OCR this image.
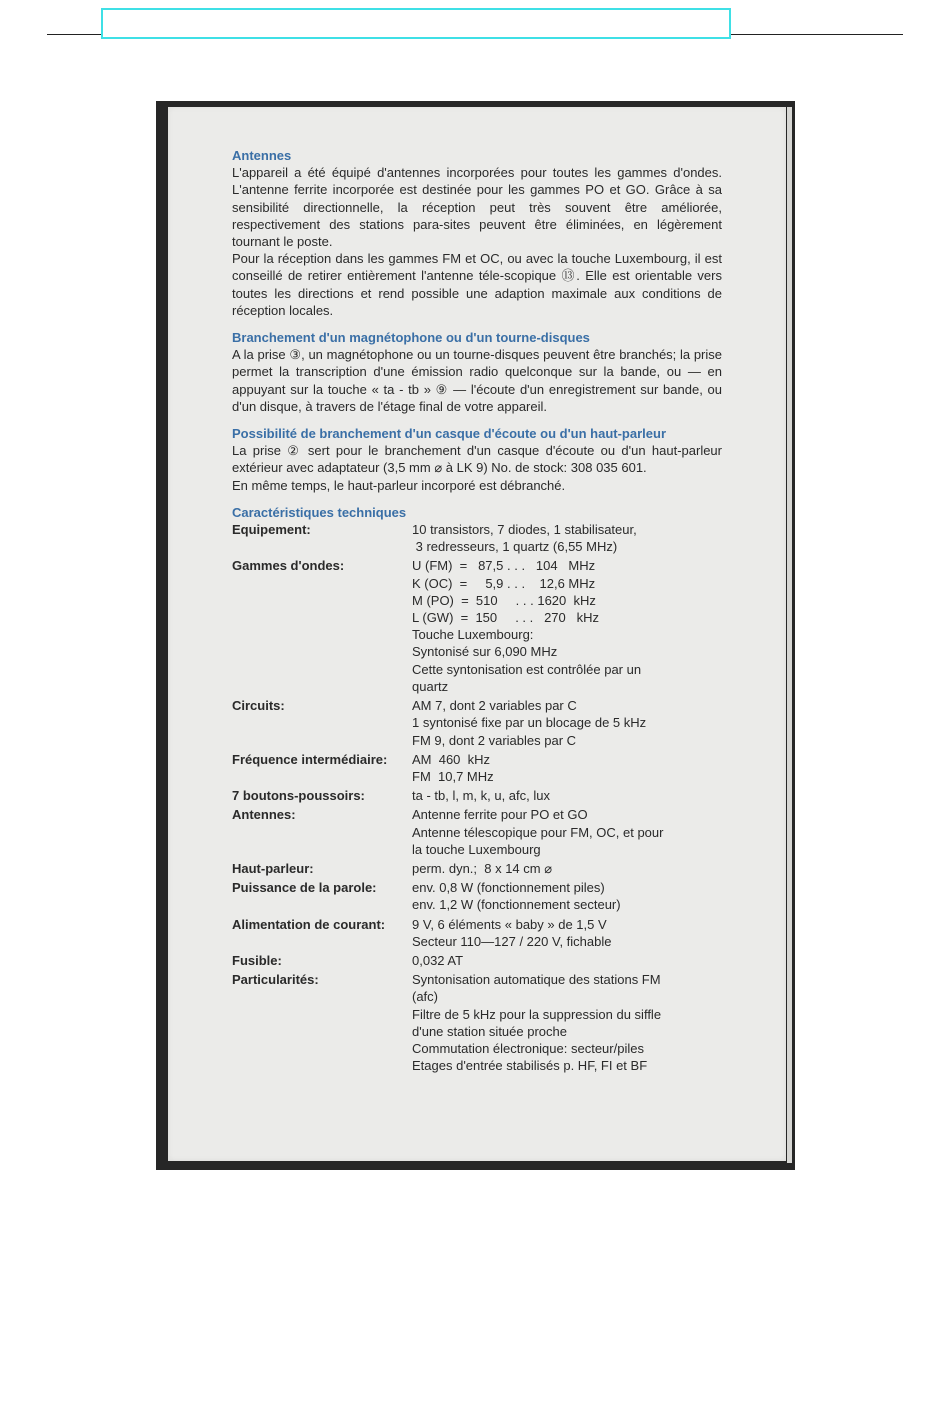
Antennes

L'appareil a été équipé d'antennes incorporées pour toutes les gammes d'ondes. L'antenne ferrite incorporée est destinée pour les gammes PO et GO. Grâce à sa sensibilité directionnelle, la réception peut très souvent être améliorée, respectivement des stations para-sites peuvent être éliminées, en légèrement tournant le poste.

Pour la réception dans les gammes FM et OC, ou avec la touche Luxembourg, il est conseillé de retirer entièrement l'antenne téle-scopique ⑬. Elle est orientable vers toutes les directions et rend possible une adaption maximale aux conditions de réception locales.

Branchement d'un magnétophone ou d'un tourne-disques

A la prise ③, un magnétophone ou un tourne-disques peuvent être branchés; la prise permet la transcription d'une émission radio quelconque sur la bande, ou — en appuyant sur la touche « ta - tb » ⑨ — l'écoute d'un enregistrement sur bande, ou d'un disque, à travers de l'étage final de votre appareil.

Possibilité de branchement d'un casque d'écoute ou d'un haut-parleur

La prise ② sert pour le branchement d'un casque d'écoute ou d'un haut-parleur extérieur avec adaptateur (3,5 mm ⌀ à LK 9) No. de stock: 308 035 601.

En même temps, le haut-parleur incorporé est débranché.

Caractéristiques techniques
Equipement:	10 transistors, 7 diodes, 1 stabilisateur,
3 redresseurs, 1 quartz (6,55 MHz)
Gammes d'ondes:	U (FM)  =   87,5 . . .   104   MHz
K (OC)  =     5,9 . . .    12,6 MHz
M (PO)  =  510     . . . 1620  kHz
L (GW)  =  150     . . .   270   kHz
Touche Luxembourg:
Syntonisé sur 6,090 MHz
Cette syntonisation est contrôlée par un
quartz
Circuits:	AM 7, dont 2 variables par C
1 syntonisé fixe par un blocage de 5 kHz
FM 9, dont 2 variables par C
Fréquence intermédiaire:	AM  460  kHz
FM  10,7 MHz
7 boutons-poussoirs:	ta - tb, l, m, k, u, afc, lux
Antennes:	Antenne ferrite pour PO et GO
Antenne télescopique pour FM, OC, et pour
la touche Luxembourg
Haut-parleur:	perm. dyn.;  8 x 14 cm ⌀
Puissance de la parole:	env. 0,8 W (fonctionnement piles)
env. 1,2 W (fonctionnement secteur)
Alimentation de courant:	9 V, 6 éléments « baby » de 1,5 V
Secteur 110—127 / 220 V, fichable
Fusible:	0,032 AT
Particularités:	Syntonisation automatique des stations FM
(afc)
Filtre de 5 kHz pour la suppression du siffle
d'une station située proche
Commutation électronique: secteur/piles
Etages d'entrée stabilisés p. HF, FI et BF
